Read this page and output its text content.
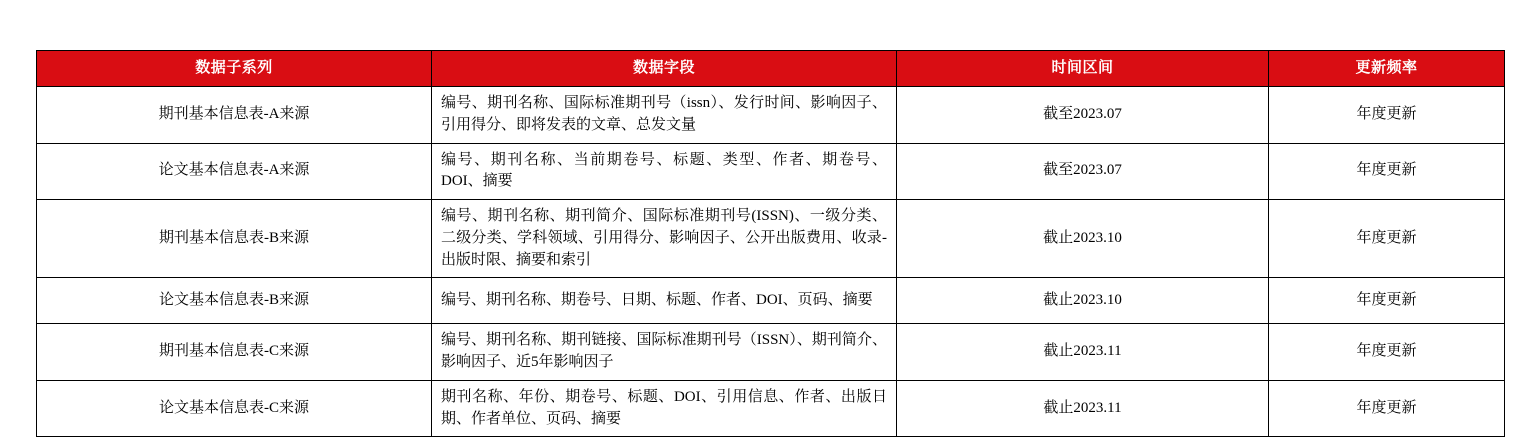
数据子系列	数据字段	时间区间	更新频率
期刊基本信息表-A来源	编号、期刊名称、国际标准期刊号（issn）、发行时间、影响因子、引用得分、即将发表的文章、总发文量	截至2023.07	年度更新
论文基本信息表-A来源	编号、期刊名称、当前期卷号、标题、类型、作者、期卷号、DOI、摘要	截至2023.07	年度更新
期刊基本信息表-B来源	编号、期刊名称、期刊简介、国际标准期刊号(ISSN)、一级分类、二级分类、学科领域、引用得分、影响因子、公开出版费用、收录-出版时限、摘要和索引	截止2023.10	年度更新
论文基本信息表-B来源	编号、期刊名称、期卷号、日期、标题、作者、DOI、页码、摘要	截止2023.10	年度更新
期刊基本信息表-C来源	编号、期刊名称、期刊链接、国际标准期刊号（ISSN）、期刊简介、影响因子、近5年影响因子	截止2023.11	年度更新
论文基本信息表-C来源	期刊名称、年份、期卷号、标题、DOI、引用信息、作者、出版日期、作者单位、页码、摘要	截止2023.11	年度更新
